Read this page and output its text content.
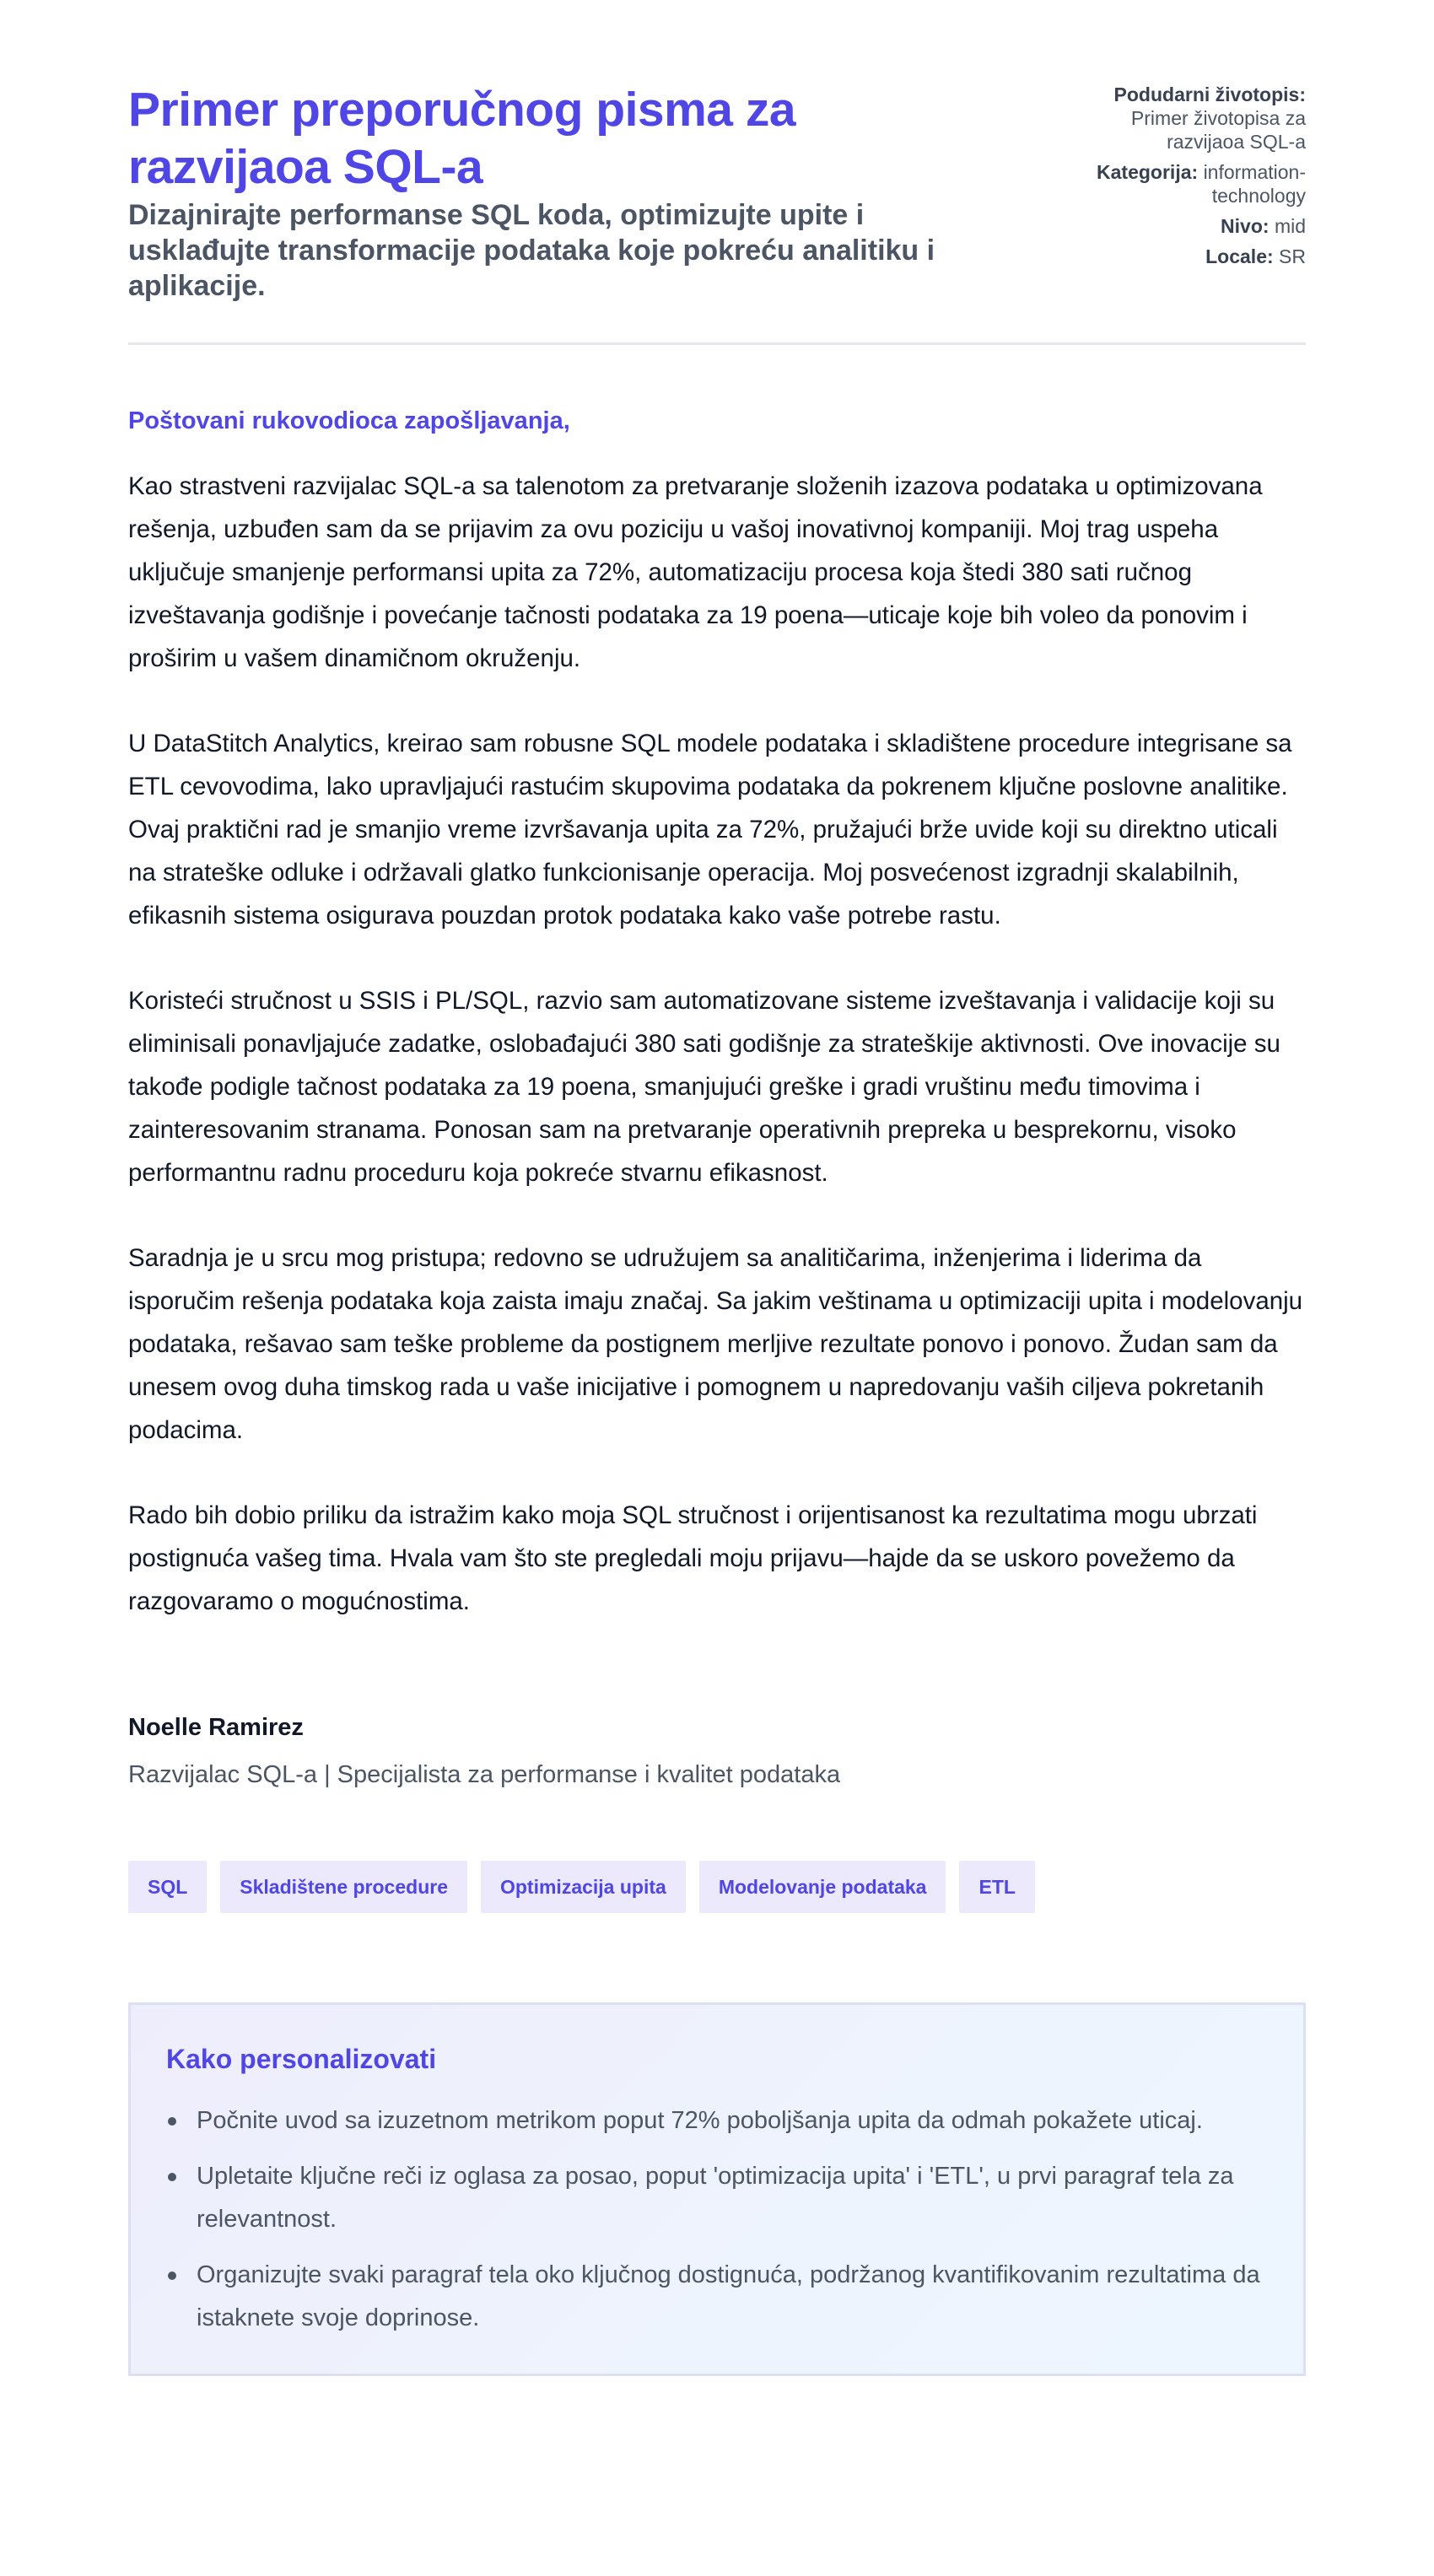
Primer preporučnog pisma za razvijaoa SQL-a
Dizajnirajte performanse SQL koda, optimizujte upite i usklađujte transformacije podataka koje pokreću analitiku i aplikacije.
Podudarni životopis: Primer životopisa za razvijaoa SQL-a
Kategorija: information-technology
Nivo: mid
Locale: SR

Poštovani rukovodioca zapošljavanja,

Kao strastveni razvijalac SQL-a sa talenotom za pretvaranje složenih izazova podataka u optimizovana rešenja, uzbuđen sam da se prijavim za ovu poziciju u vašoj inovativnoj kompaniji. Moj trag uspeha uključuje smanjenje performansi upita za 72%, automatizaciju procesa koja štedi 380 sati ručnog izveštavanja godišnje i povećanje tačnosti podataka za 19 poena—uticaje koje bih voleo da ponovim i proširim u vašem dinamičnom okruženju.

U DataStitch Analytics, kreirao sam robusne SQL modele podataka i skladištene procedure integrisane sa ETL cevovodima, lako upravljajući rastućim skupovima podataka da pokrenem ključne poslovne analitike. Ovaj praktični rad je smanjio vreme izvršavanja upita za 72%, pružajući brže uvide koji su direktno uticali na strateške odluke i održavali glatko funkcionisanje operacija. Moj posvećenost izgradnji skalabilnih, efikasnih sistema osigurava pouzdan protok podataka kako vaše potrebe rastu.

Koristeći stručnost u SSIS i PL/SQL, razvio sam automatizovane sisteme izveštavanja i validacije koji su eliminisali ponavljajuće zadatke, oslobađajući 380 sati godišnje za strateškije aktivnosti. Ove inovacije su takođe podigle tačnost podataka za 19 poena, smanjujući greške i gradi vruštinu među timovima i zainteresovanim stranama. Ponosan sam na pretvaranje operativnih prepreka u besprekornu, visoko performantnu radnu proceduru koja pokreće stvarnu efikasnost.

Saradnja je u srcu mog pristupa; redovno se udružujem sa analitičarima, inženjerima i liderima da isporučim rešenja podataka koja zaista imaju značaj. Sa jakim veštinama u optimizaciji upita i modelovanju podataka, rešavao sam teške probleme da postignem merljive rezultate ponovo i ponovo. Žudan sam da unesem ovog duha timskog rada u vaše inicijative i pomognem u napredovanju vaših ciljeva pokretanih podacima.

Rado bih dobio priliku da istražim kako moja SQL stručnost i orijentisanost ka rezultatima mogu ubrzati postignuća vašeg tima. Hvala vam što ste pregledali moju prijavu—hajde da se uskoro povežemo da razgovaramo o mogućnostima.

Noelle Ramirez
Razvijalac SQL-a | Specijalista za performanse i kvalitet podataka
SQL	Skladištene procedure	Optimizacija upita	Modelovanje podataka	ETL
Kako personalizovati
Počnite uvod sa izuzetnom metrikom poput 72% poboljšanja upita da odmah pokažete uticaj.
Upletaite ključne reči iz oglasa za posao, poput 'optimizacija upita' i 'ETL', u prvi paragraf tela za relevantnost.
Organizujte svaki paragraf tela oko ključnog dostignuća, podržanog kvantifikovanim rezultatima da istaknete svoje doprinose.
